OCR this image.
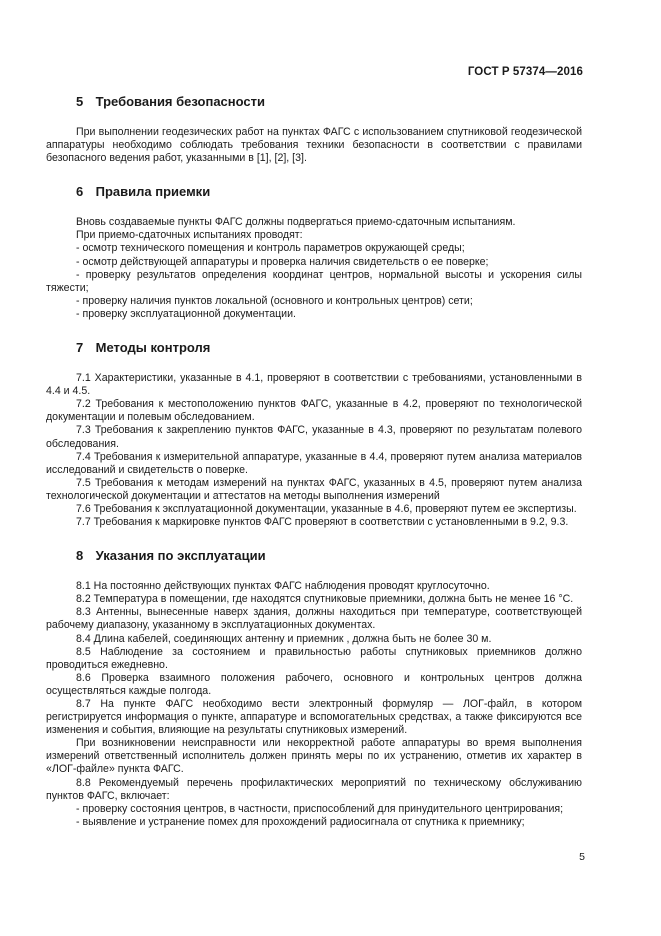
ГОСТ Р 57374—2016
5 Требования безопасности

При выполнении геодезических работ на пунктах ФАГС с использованием спутниковой геодезической аппаратуры необходимо соблюдать требования техники безопасности в соответствии с правилами безопасного ведения работ, указанными в [1], [2], [3].

6 Правила приемки

Вновь создаваемые пункты ФАГС должны подвергаться приемо-сдаточным испытаниям.

При приемо-сдаточных испытаниях проводят:

- осмотр технического помещения и контроль параметров окружающей среды;
- осмотр действующей аппаратуры и проверка наличия свидетельств о ее поверке;
- проверку результатов определения координат центров, нормальной высоты и ускорения силы тяжести;
- проверку наличия пунктов локальной (основного и контрольных центров) сети;
- проверку эксплуатационной документации.
7 Методы контроля

7.1 Характеристики, указанные в 4.1, проверяют в соответствии с требованиями, установленными в 4.4 и 4.5.

7.2 Требования к местоположению пунктов ФАГС, указанные в 4.2, проверяют по технологической документации и полевым обследованием.

7.3 Требования к закреплению пунктов ФАГС, указанные в 4.3, проверяют по результатам полевого обследования.

7.4 Требования к измерительной аппаратуре, указанные в 4.4, проверяют путем анализа материалов исследований и свидетельств о поверке.

7.5 Требования к методам измерений на пунктах ФАГС, указанных в 4.5, проверяют путем анализа технологической документации и аттестатов на методы выполнения измерений

7.6 Требования к эксплуатационной документации, указанные в 4.6, проверяют путем ее экспертизы.

7.7 Требования к маркировке пунктов ФАГС проверяют в соответствии с установленными в 9.2, 9.3.

8 Указания по эксплуатации

8.1 На постоянно действующих пунктах ФАГС наблюдения проводят круглосуточно.

8.2 Температура в помещении, где находятся спутниковые приемники, должна быть не менее 16 °С.

8.3 Антенны, вынесенные наверх здания, должны находиться при температуре, соответствующей рабочему диапазону, указанному в эксплуатационных документах.

8.4 Длина кабелей, соединяющих антенну и приемник , должна быть не более 30 м.

8.5 Наблюдение за состоянием и правильностью работы спутниковых приемников должно проводиться ежедневно.

8.6 Проверка взаимного положения рабочего, основного и контрольных центров должна осуществляться каждые полгода.

8.7 На пункте ФАГС необходимо вести электронный формуляр — ЛОГ-файл, в котором регистрируется информация о пункте, аппаратуре и вспомогательных средствах, а также фиксируются все изменения и события, влияющие на результаты спутниковых измерений.

При возникновении неисправности или некорректной работе аппаратуры во время выполнения измерений ответственный исполнитель должен принять меры по их устранению, отметив их характер в «ЛОГ-файле» пункта ФАГС.

8.8 Рекомендуемый перечень профилактических мероприятий по техническому обслуживанию пунктов ФАГС, включает:

- проверку состояния центров, в частности, приспособлений для принудительного центрирования;
- выявление и устранение помех для прохождений радиосигнала от спутника к приемнику;
5
